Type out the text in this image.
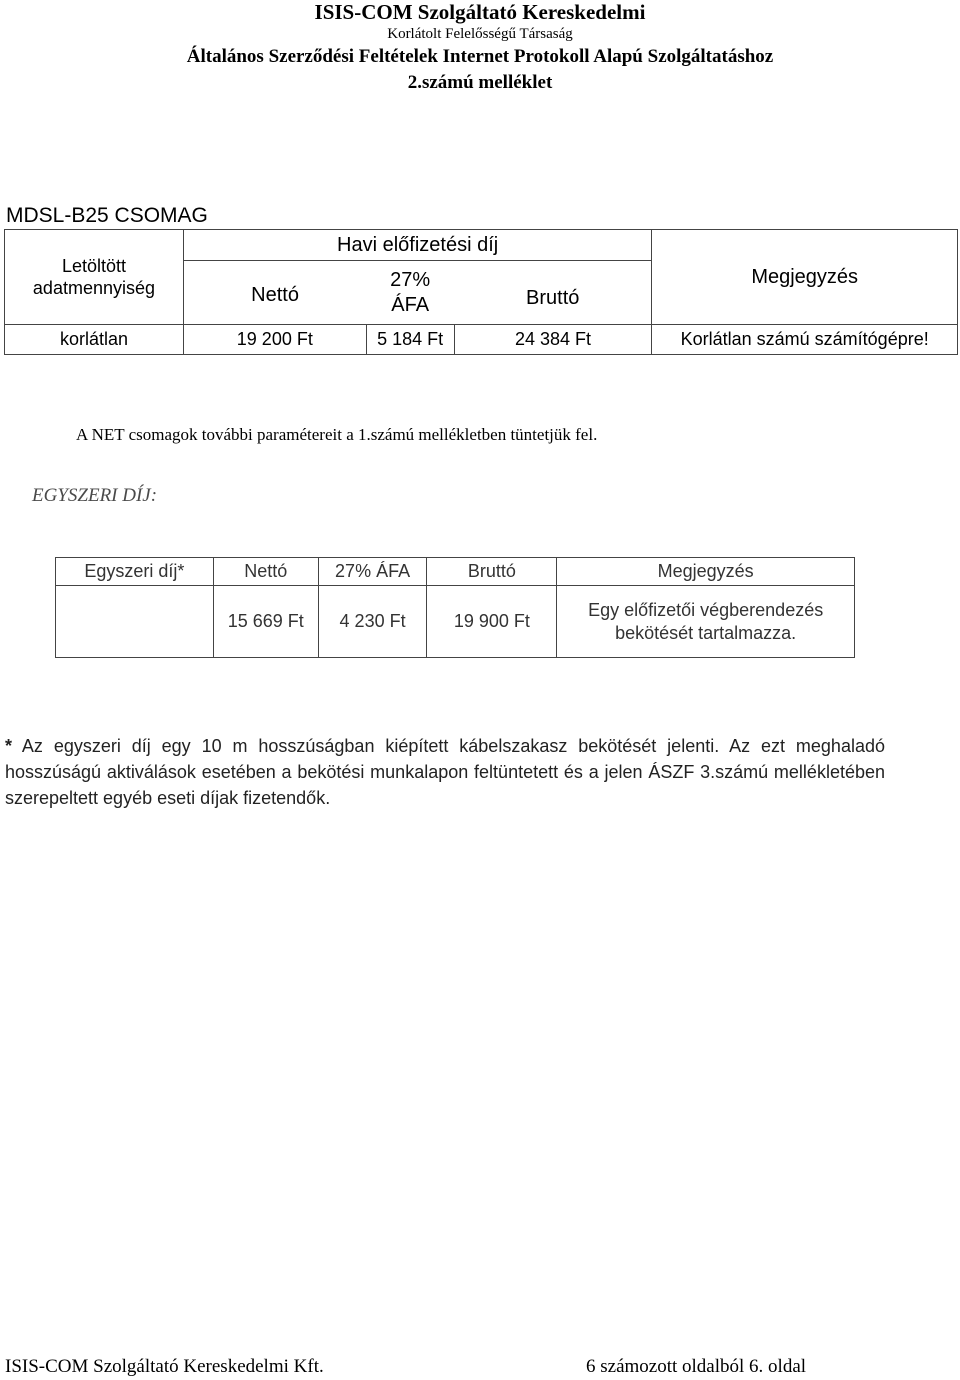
ISIS-COM Szolgáltató Kereskedelmi
Korlátolt Felelősségű Társaság
Általános Szerződési Feltételek Internet Protokoll Alapú Szolgáltatáshoz
2.számú melléklet
MDSL-B25 CSOMAG
Letöltött adatmennyiség	Havi előfizetési díj			Megjegyzés
	Nettó	27% ÁFA	Bruttó	
korlátlan	19 200 Ft	5 184 Ft	24 384 Ft	Korlátlan számú számítógépre!
A NET csomagok további paramétereit a 1.számú mellékletben tüntetjük fel.
EGYSZERI DÍJ:
Egyszeri díj*	Nettó	27% ÁFA	Bruttó	Megjegyzés
	15 669 Ft	4 230 Ft	19 900 Ft	Egy előfizetői végberendezés bekötését tartalmazza.
* Az egyszeri díj egy 10 m hosszúságban kiépített kábelszakasz bekötését jelenti. Az ezt meghaladó hosszúságú aktiválások esetében a bekötési munkalapon feltüntetett és a jelen ÁSZF 3.számú mellékletében szerepeltett egyéb eseti díjak fizetendők.
ISIS-COM Szolgáltató Kereskedelmi Kft.	6 számozott oldalból 6. oldal
